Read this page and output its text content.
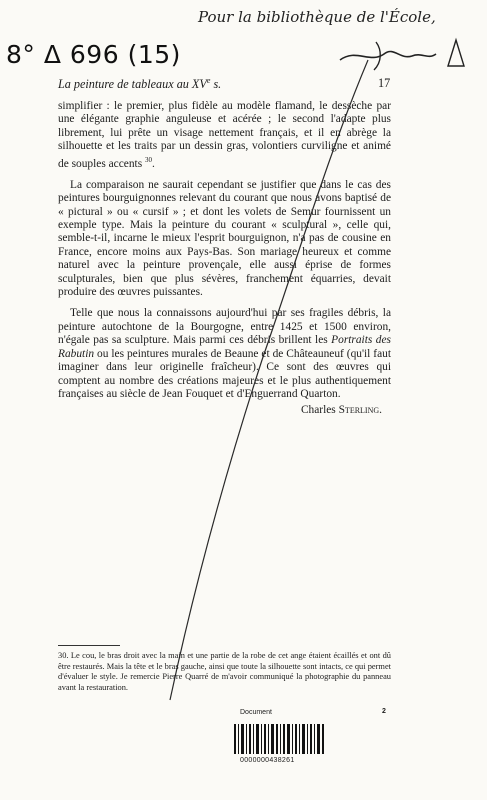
Pour la bibliothèque de l'École,
8° Δ 696 (15)
La peinture de tableaux au XVe s.	17

simplifier : le premier, plus fidèle au modèle flamand, le dessèche par une élégante graphie anguleuse et acérée ; le second l'adapte plus librement, lui prête un visage nettement français, et il en abrège la silhouette et les traits par un dessin gras, volontiers curviligne et animé de souples accents $^{30}$.

La comparaison ne saurait cependant se justifier que dans le cas des peintures bourguignonnes relevant du courant que nous avons baptisé de « pictural » ou « cursif » ; et dont les volets de Semur fournissent un exemple type. Mais la peinture du courant « sculptural », celle qui, semble-t-il, incarne le mieux l'esprit bourguignon, n'a pas de cousine en France, encore moins aux Pays-Bas. Son mariage heureux et comme naturel avec la peinture provençale, elle aussi éprise de formes sculpturales, bien que plus sévères, franchement équarries, devait produire des œuvres puissantes.

Telle que nous la connaissons aujourd'hui par ses fragiles débris, la peinture autochtone de la Bourgogne, entre 1425 et 1500 environ, n'égale pas sa sculpture. Mais parmi ces débris brillent les Portraits des Rabutin ou les peintures murales de Beaune et de Châteauneuf (qu'il faut imaginer dans leur originelle fraîcheur). Ce sont des œuvres qui comptent au nombre des créations majeures et le plus authentiquement françaises au siècle de Jean Fouquet et d'Enguerrand Quarton.

Charles Sterling.
30. Le cou, le bras droit avec la main et une partie de la robe de cet ange étaient écaillés et ont dû être restaurés. Mais la tête et le bras gauche, ainsi que toute la silhouette sont intacts, ce qui permet d'évaluer le style. Je remercie Pierre Quarré de m'avoir communiqué la photographie du panneau avant la restauration.
Document	2
0000000438261
